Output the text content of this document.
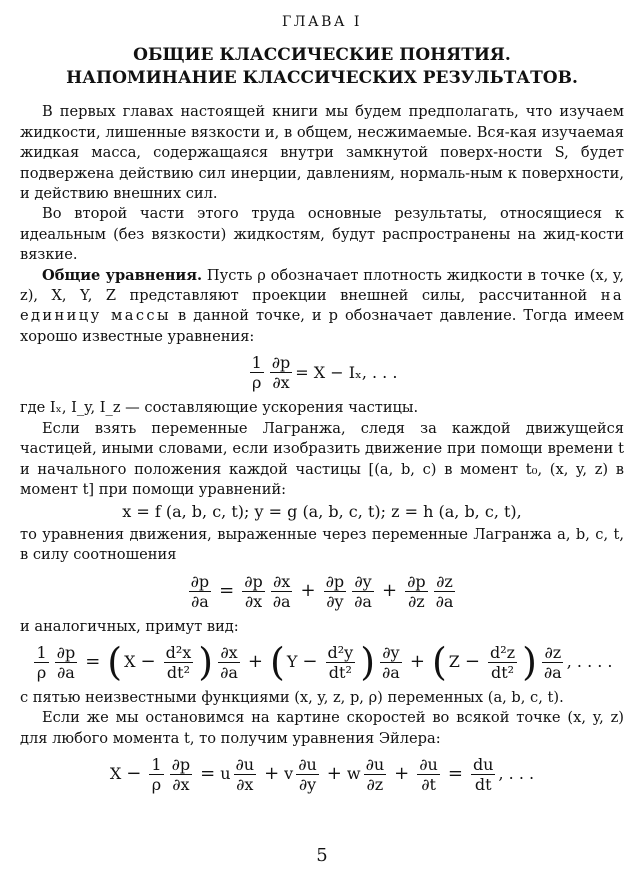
ГЛАВА I
ОБЩИЕ КЛАССИЧЕСКИЕ ПОНЯТИЯ.
НАПОМИНАНИЕ КЛАССИЧЕСКИХ РЕЗУЛЬТАТОВ.

В первых главах настоящей книги мы будем предполагать, что изучаем жидкости, лишенные вязкости и, в общем, несжимаемые. Вся-кая изучаемая жидкая масса, содержащаяся внутри замкнутой поверх-ности S, будет подвержена действию сил инерции, давлениям, нормаль-ным к поверхности, и действию внешних сил.

Во второй части этого труда основные результаты, относящиеся к идеальным (без вязкости) жидкостям, будут распространены на жид-кости вязкие.

Общие уравнения. Пусть ρ обозначает плотность жидкости в точке (x, y, z), X, Y, Z представляют проекции внешней силы, рассчитанной на единицу массы в данной точке, и p обозначает давление. Тогда имеем хорошо известные уравнения:

$\frac{1}{\rho} \frac{\partial p}{\partial x} = X - I_x$, . . .

где Iₓ, I_y, I_z — составляющие ускорения частицы.

Если взять переменные Лагранжа, следя за каждой движущейся частицей, иными словами, если изобразить движение при помощи времени t и начального положения каждой частицы [(a, b, c) в момент t₀, (x, y, z) в момент t] при помощи уравнений:

x = f (a, b, c, t); y = g (a, b, c, t); z = h (a, b, c, t),

то уравнения движения, выраженные через переменные Лагранжа a, b, c, t, в силу соотношения

$\frac{\partial p}{\partial a} = \frac{\partial p}{\partial x} \frac{\partial x}{\partial a} + \frac{\partial p}{\partial y} \frac{\partial y}{\partial a} + \frac{\partial p}{\partial z} \frac{\partial z}{\partial a}$

и аналогичных, примут вид:

$\frac{1}{\rho} \frac{\partial p}{\partial a}$ = ( $X - \frac{\text{d²x}}{\text{dt²}}$ ) $\frac{\partial x}{\partial a}$ + ( $Y - \frac{\text{d²y}}{\text{dt²}}$ ) $\frac{\partial y}{\partial a}$ + ( $Z - \frac{\text{d²z}}{\text{dt²}}$ ) $\frac{\partial z}{\partial a}$ , . . . .

с пятью неизвестными функциями (x, y, z, p, ρ) переменных (a, b, c, t).

Если же мы остановимся на картине скоростей во всякой точке (x, y, z) для любого момента t, то получим уравнения Эйлера:

$X - \frac{1}{\rho} \frac{\partial p}{\partial x} = u \frac{\partial u}{\partial x} + v \frac{\partial u}{\partial y} + w \frac{\partial u}{\partial z} + \frac{\partial u}{\partial t} = \frac{du}{dt}$ , . . .
5
